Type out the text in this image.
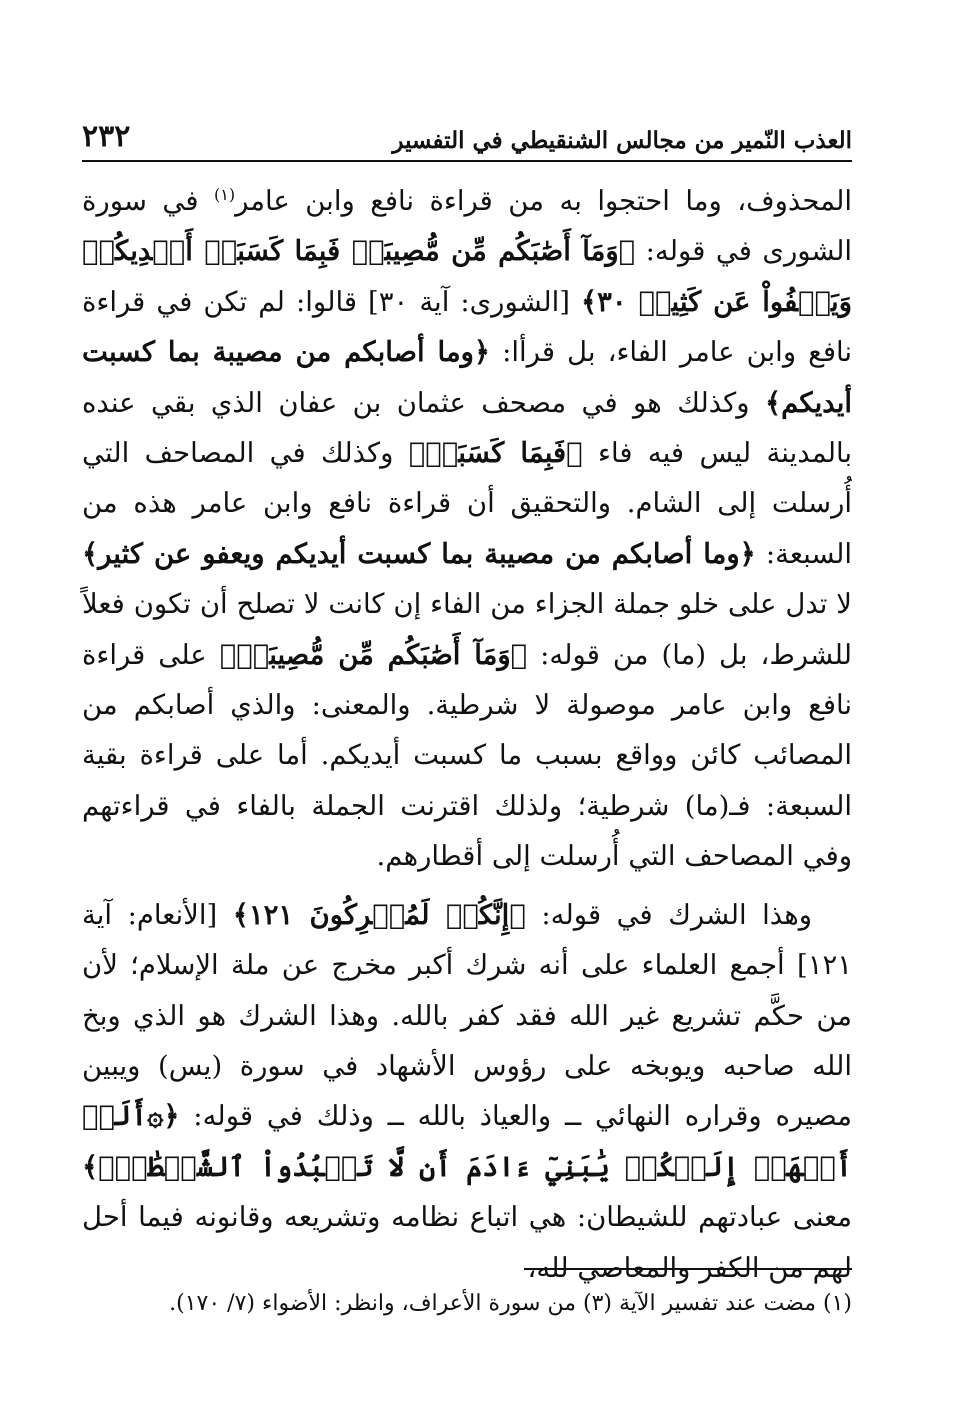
العذب النّمير من مجالس الشنقيطي في التفسير
٢٣٢

المحذوف، وما احتجوا به من قراءة نافع وابن عامر$^{(١)}$ في سورة الشورى في قوله: ﴿وَمَآ أَصَٰبَكُم مِّن مُّصِيبَةٖ فَبِمَا كَسَبَتۡ أَيۡدِيكُمۡ وَيَعۡفُواْ عَن كَثِيرٖ ٣٠﴾ [الشورى: آية ٣٠] قالوا: لم تكن في قراءة نافع وابن عامر الفاء، بل قرأا: ﴿وما أصابكم من مصيبة بما كسبت أيديكم﴾ وكذلك هو في مصحف عثمان بن عفان الذي بقي عنده بالمدينة ليس فيه فاء ﴿فَبِمَا كَسَبَتۡ﴾ وكذلك في المصاحف التي أُرسلت إلى الشام. والتحقيق أن قراءة نافع وابن عامر هذه من السبعة: ﴿وما أصابكم من مصيبة بما كسبت أيديكم ويعفو عن كثير﴾ لا تدل على خلو جملة الجزاء من الفاء إن كانت لا تصلح أن تكون فعلاً للشرط، بل (ما) من قوله: ﴿وَمَآ أَصَٰبَكُم مِّن مُّصِيبَةٖ﴾ على قراءة نافع وابن عامر موصولة لا شرطية. والمعنى: والذي أصابكم من المصائب كائن وواقع بسبب ما كسبت أيديكم. أما على قراءة بقية السبعة: فـ(ما) شرطية؛ ولذلك اقترنت الجملة بالفاء في قراءتهم وفي المصاحف التي أُرسلت إلى أقطارهم.

وهذا الشرك في قوله: ﴿إِنَّكُمۡ لَمُشۡرِكُونَ ١٢١﴾ [الأنعام: آية ١٢١] أجمع العلماء على أنه شرك أكبر مخرج عن ملة الإسلام؛ لأن من حكَّم تشريع غير الله فقد كفر بالله. وهذا الشرك هو الذي وبخ الله صاحبه ويوبخه على رؤوس الأشهاد في سورة (يس) ويبين مصيره وقراره النهائي ــ والعياذ بالله ــ وذلك في قوله: ﴿۞أَلَمۡ أَعۡهَدۡ إِلَيۡكُمۡ يَٰبَنِيٓ ءَادَمَ أَن لَّا تَعۡبُدُواْ ٱلشَّيۡطَٰنَۖ﴾ معنى عبادتهم للشيطان: هي اتباع نظامه وتشريعه وقانونه فيما أحل لهم من الكفر والمعاصي لله،

(١) مضت عند تفسير الآية (٣) من سورة الأعراف، وانظر: الأضواء (٧/ ١٧٠).
